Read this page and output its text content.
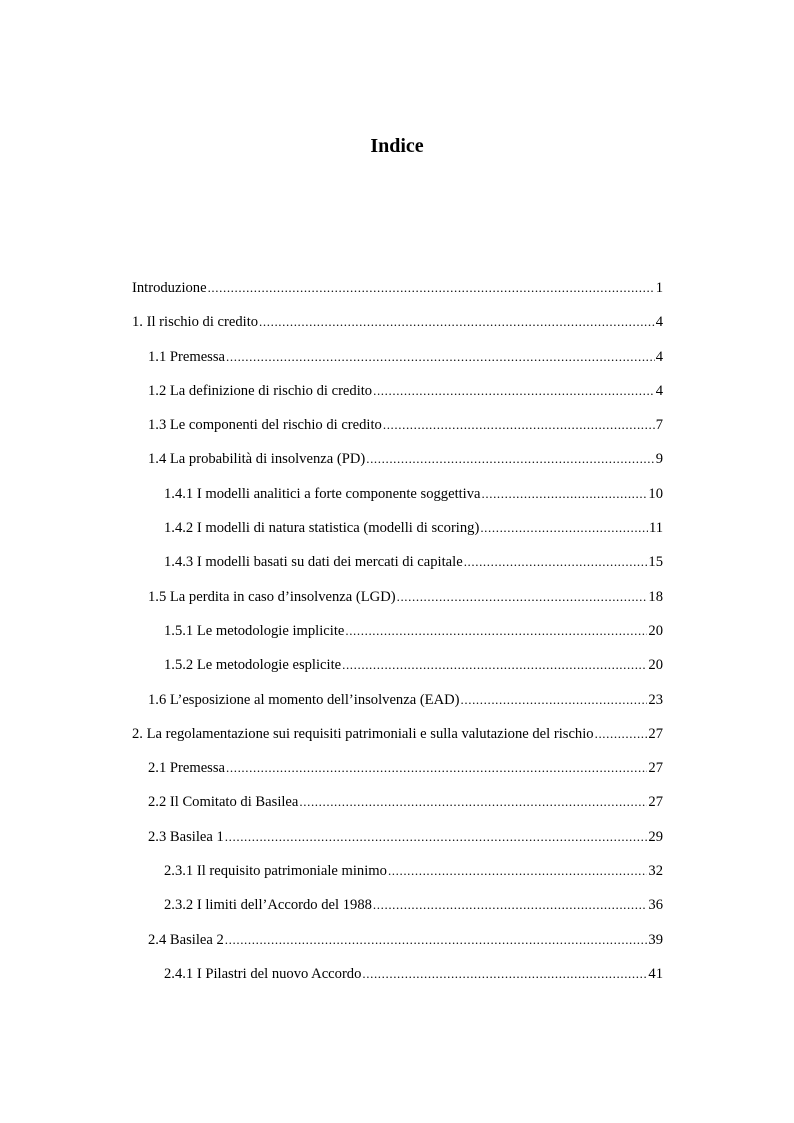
Indice
Introduzione .....	1
1. Il rischio di credito .....	4
1.1 Premessa .....	4
1.2 La definizione di rischio di credito .....	4
1.3 Le componenti del rischio di credito .....	7
1.4 La probabilità di insolvenza (PD) .....	9
1.4.1 I modelli analitici a forte componente soggettiva .....	10
1.4.2 I modelli di natura statistica (modelli di scoring) .....	11
1.4.3 I modelli basati su dati dei mercati di capitale .....	15
1.5 La perdita in caso d’insolvenza (LGD) .....	18
1.5.1 Le metodologie implicite .....	20
1.5.2 Le metodologie esplicite .....	20
1.6 L’esposizione al momento dell’insolvenza (EAD) .....	23
2. La regolamentazione sui requisiti patrimoniali e sulla valutazione del rischio .....	27
2.1 Premessa .....	27
2.2 Il Comitato di Basilea .....	27
2.3 Basilea 1 .....	29
2.3.1 Il requisito patrimoniale minimo .....	32
2.3.2 I limiti dell’Accordo del 1988 .....	36
2.4 Basilea 2 .....	39
2.4.1 I Pilastri del nuovo Accordo .....	41
